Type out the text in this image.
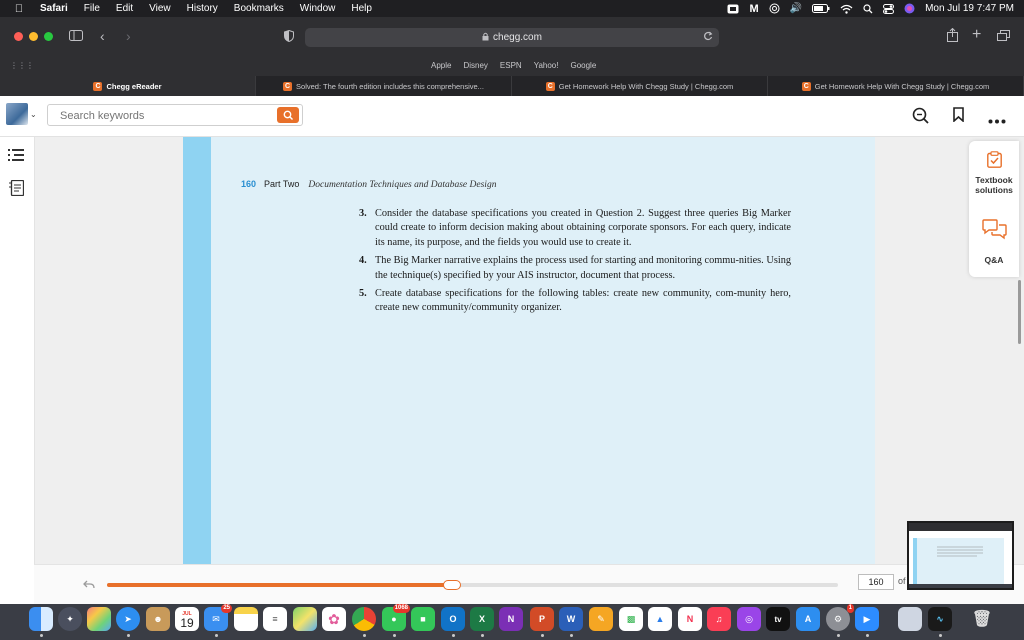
Safari File Edit View History Bookmarks Window Help	M	🔊	Mon Jul 19 7:47 PM
‹ ›	chegg.com	+
⋮⋮⋮	Apple Disney ESPN Yahoo! Google
C Chegg eReader	C Solved: The fourth edition includes this comprehensive...	C Get Homework Help With Chegg Study | Chegg.com	C Get Homework Help With Chegg Study | Chegg.com
⌄
Search keywords
160 Part Two Documentation Techniques and Database Design
3. Consider the database specifications you created in Question 2. Suggest three queries Big Marker could create to inform decision making about obtaining corporate sponsors. For each query, indicate its name, its purpose, and the fields you would use to create it.
4. The Big Marker narrative explains the process used for starting and monitoring commu-nities. Using the technique(s) specified by your AIS instructor, document that process.
5. Create database specifications for the following tables: create new community, com-munity hero, create new community/community organizer.
Textbook solutions
Q&A
160	of
✦	➤	☻	JUL
19	✉
25
≡	✿	●
1068
■	O	X	N	P	W	✎	▩	▲	N	♫	◎	tv	A	⚙
1
▶	∿	🗑
